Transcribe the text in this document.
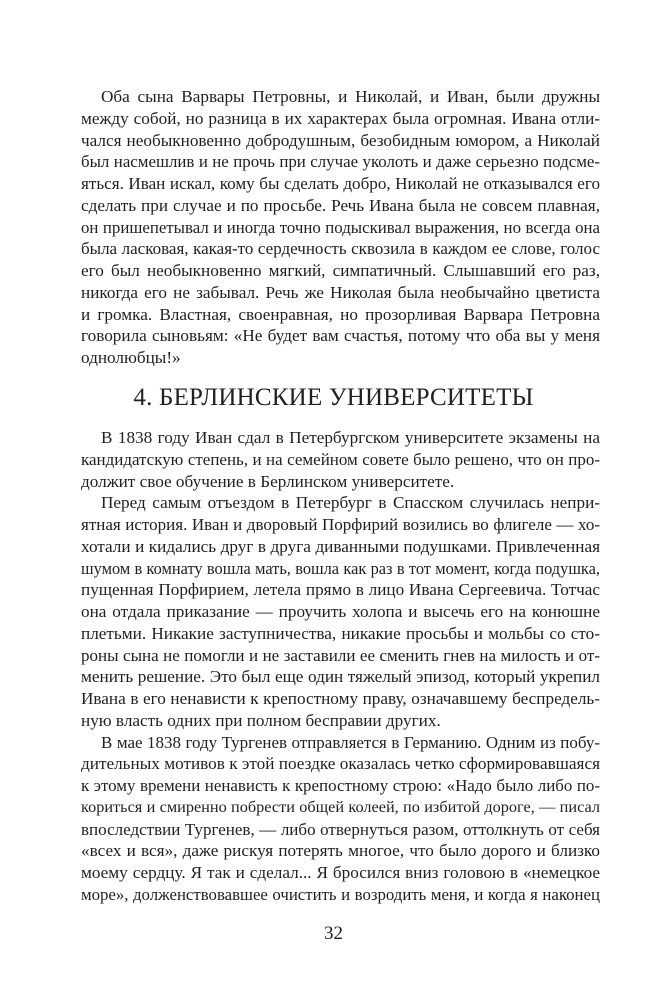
Оба сына Варвары Петровны, и Николай, и Иван, были дружны
между собой, но разница в их характерах была огромная. Ивана отли-
чался необыкновенно добродушным, безобидным юмором, а Николай
был насмешлив и не прочь при случае уколоть и даже серьезно подсме-
яться. Иван искал, кому бы сделать добро, Николай не отказывался его
сделать при случае и по просьбе. Речь Ивана была не совсем плавная,
он пришепетывал и иногда точно подыскивал выражения, но всегда она
была ласковая, какая-то сердечность сквозила в каждом ее слове, голос
его был необыкновенно мягкий, симпатичный. Слышавший его раз,
никогда его не забывал. Речь же Николая была необычайно цветиста
и громка. Властная, своенравная, но прозорливая Варвара Петровна
говорила сыновьям: «Не будет вам счастья, потому что оба вы у меня
однолюбцы!»
4. БЕРЛИНСКИЕ УНИВЕРСИТЕТЫ
В 1838 году Иван сдал в Петербургском университете экзамены на
кандидатскую степень, и на семейном совете было решено, что он про-
должит свое обучение в Берлинском университете.
Перед самым отъездом в Петербург в Спасском случилась непри-
ятная история. Иван и дворовый Порфирий возились во флигеле — хо-
хотали и кидались друг в друга диванными подушками. Привлеченная
шумом в комнату вошла мать, вошла как раз в тот момент, когда подушка,
пущенная Порфирием, летела прямо в лицо Ивана Сергеевича. Тотчас
она отдала приказание — проучить холопа и высечь его на конюшне
плетьми. Никакие заступничества, никакие просьбы и мольбы со сто-
роны сына не помогли и не заставили ее сменить гнев на милость и от-
менить решение. Это был еще один тяжелый эпизод, который укрепил
Ивана в его ненависти к крепостному праву, означавшему беспредель-
ную власть одних при полном бесправии других.
В мае 1838 году Тургенев отправляется в Германию. Одним из побу-
дительных мотивов к этой поездке оказалась четко сформировавшаяся
к этому времени ненависть к крепостному строю: «Надо было либо по-
кориться и смиренно побрести общей колеей, по избитой дороге, — писал
впоследствии Тургенев, — либо отвернуться разом, оттолкнуть от себя
«всех и вся», даже рискуя потерять многое, что было дорого и близко
моему сердцу. Я так и сделал... Я бросился вниз головою в «немецкое
море», долженствовавшее очистить и возродить меня, и когда я наконец
32
